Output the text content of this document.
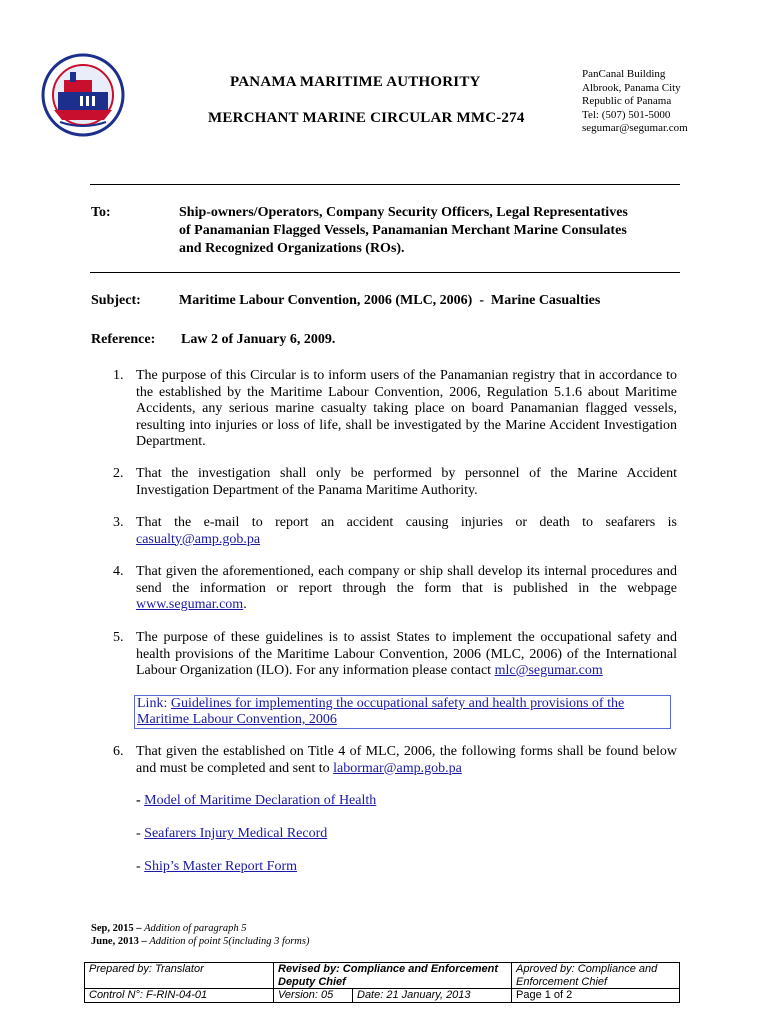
PANAMA MARITIME AUTHORITY
MERCHANT MARINE CIRCULAR MMC-274
PanCanal Building
Albrook, Panama City
Republic of Panama
Tel: (507) 501-5000
segumar@segumar.com
To:	Ship-owners/Operators, Company Security Officers, Legal Representatives
of Panamanian Flagged Vessels, Panamanian Merchant Marine Consulates
and Recognized Organizations (ROs).
Subject:	Maritime Labour Convention, 2006 (MLC, 2006)  -  Marine Casualties
Reference: Law 2 of January 6, 2009.
1. The purpose of this Circular is to inform users of the Panamanian registry that in accordance to the established by the Maritime Labour Convention, 2006, Regulation 5.1.6 about Maritime Accidents, any serious marine casualty taking place on board Panamanian flagged vessels, resulting into injuries or loss of life, shall be investigated by the Marine Accident Investigation Department.
2. That the investigation shall only be performed by personnel of the Marine Accident Investigation Department of the Panama Maritime Authority.
3. That the e-mail to report an accident causing injuries or death to seafarers is
casualty@amp.gob.pa
4. That given the aforementioned, each company or ship shall develop its internal procedures and send the information or report through the form that is published in the webpage www.segumar.com.
5. The purpose of these guidelines is to assist States to implement the occupational safety and health provisions of the Maritime Labour Convention, 2006 (MLC, 2006) of the International Labour Organization (ILO). For any information please contact mlc@segumar.com
Link: Guidelines for implementing the occupational safety and health provisions of the Maritime Labour Convention, 2006
6. That given the established on Title 4 of MLC, 2006, the following forms shall be found below and must be completed and sent to labormar@amp.gob.pa
- Model of Maritime Declaration of Health
- Seafarers Injury Medical Record
- Ship’s Master Report Form
Sep, 2015 – Addition of paragraph 5
June, 2013 – Addition of point 5(including 3 forms)
Prepared by: Translator	Revised by: Compliance and Enforcement Deputy Chief		Aproved by: Compliance and Enforcement Chief
Control N°: F-RIN-04-01	Version: 05	Date: 21 January, 2013	Page 1 of 2
